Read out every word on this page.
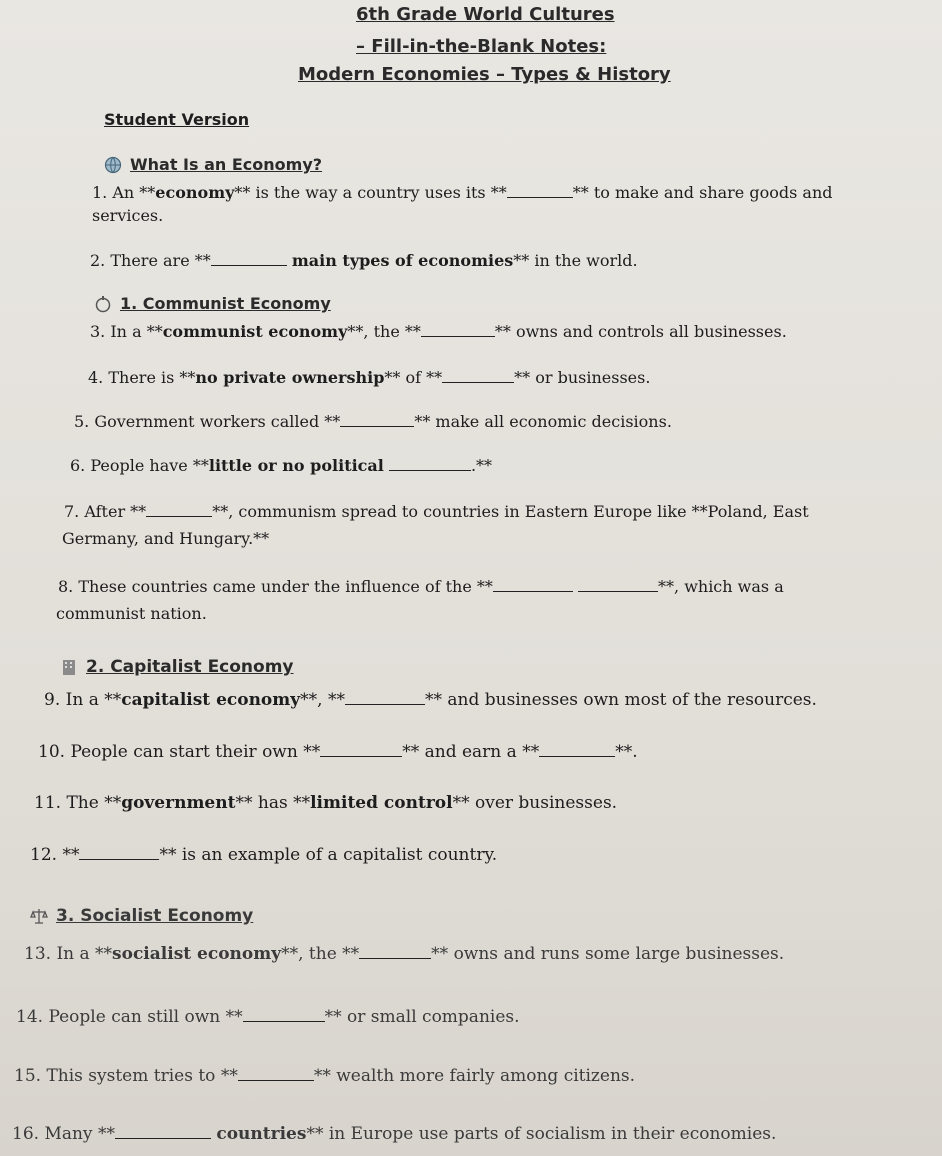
6th Grade World Cultures
– Fill-in-the-Blank Notes:
Modern Economies – Types & History
Student Version
What Is an Economy?
1. An **economy** is the way a country uses its **	** to make and share goods and
services.
2. There are **	main types of economies** in the world.
1. Communist Economy
3. In a **communist economy**, the **	** owns and controls all businesses.
4. There is **no private ownership** of **	** or businesses.
5. Government workers called **	** make all economic decisions.
6. People have **little or no political	.**
7. After **	**, communism spread to countries in Eastern Europe like **Poland, East
Germany, and Hungary.**
8. These countries came under the influence of the **	**, which was a
communist nation.
2. Capitalist Economy
9. In a **capitalist economy**, **	** and businesses own most of the resources.
10. People can start their own **	** and earn a **	**.
11. The **government** has **limited control** over businesses.
12. **	** is an example of a capitalist country.
3. Socialist Economy
13. In a **socialist economy**, the **	** owns and runs some large businesses.
14. People can still own **	** or small companies.
15. This system tries to **	** wealth more fairly among citizens.
16. Many **	countries** in Europe use parts of socialism in their economies.
